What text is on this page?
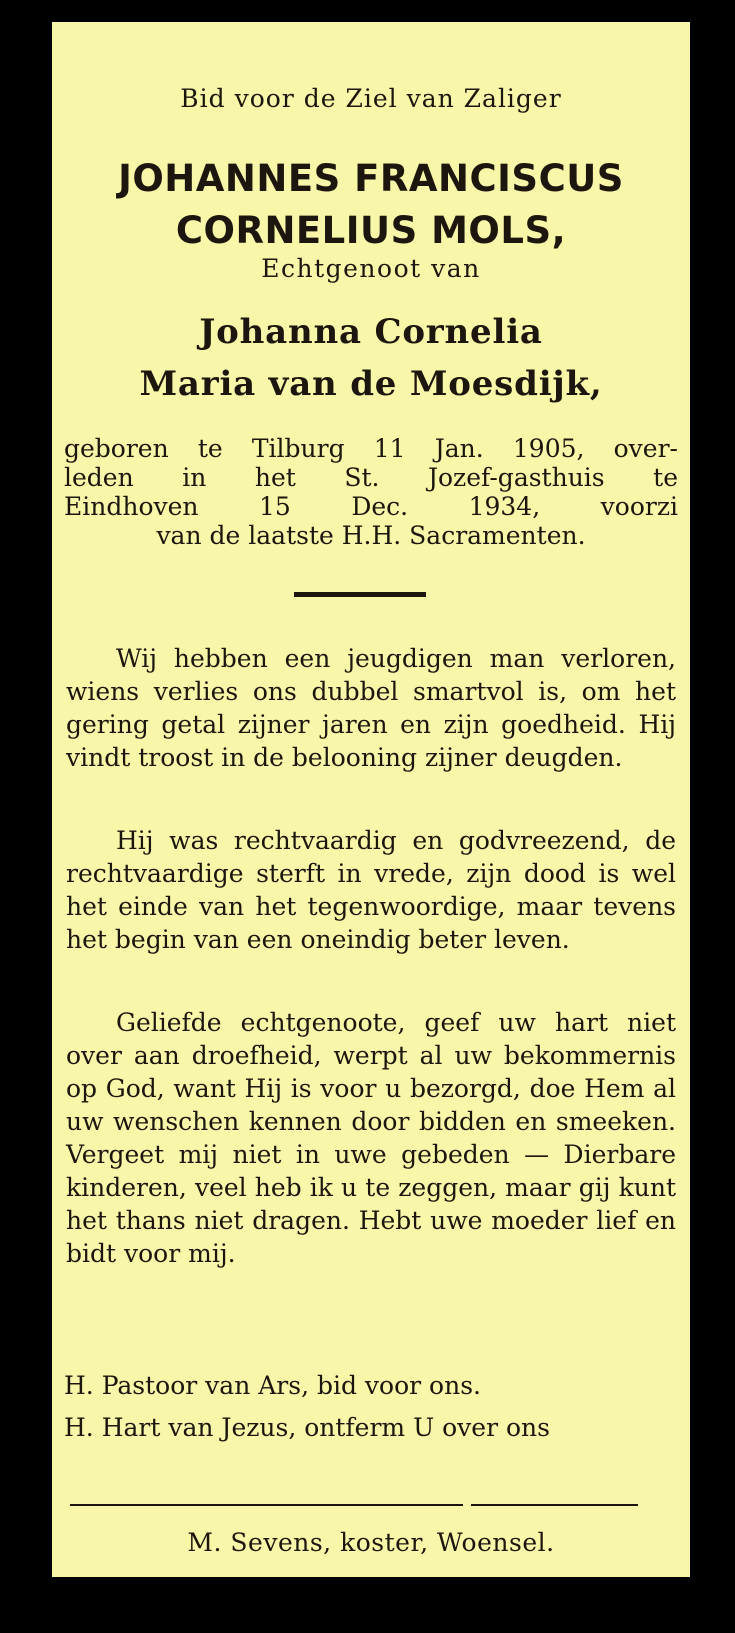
Bid voor de Ziel van Zaliger
JOHANNES FRANCISCUS
CORNELIUS MOLS,
Echtgenoot van
Johanna Cornelia
Maria van de Moesdijk,
geboren te Tilburg 11 Jan. 1905, over-
leden in het St. Jozef-gasthuis te
Eindhoven 15 Dec. 1934, voorzi
van de laatste H.H. Sacramenten.
Wij hebben een jeugdigen man verloren, wiens verlies ons dubbel smartvol is, om het gering getal zijner jaren en zijn goedheid. Hij vindt troost in de belooning zijner deugden.
Hij was rechtvaardig en godvreezend, de rechtvaardige sterft in vrede, zijn dood is wel het einde van het tegenwoordige, maar tevens het begin van een oneindig beter leven.
Geliefde echtgenoote, geef uw hart niet over aan droefheid, werpt al uw bekommernis op God, want Hij is voor u bezorgd, doe Hem al uw wenschen kennen door bidden en smeeken. Vergeet mij niet in uwe gebeden — Dierbare kinderen, veel heb ik u te zeggen, maar gij kunt het thans niet dragen. Hebt uwe moeder lief en bidt voor mij.
H. Pastoor van Ars, bid voor ons.
H. Hart van Jezus, ontferm U over ons
M. Sevens, koster, Woensel.
